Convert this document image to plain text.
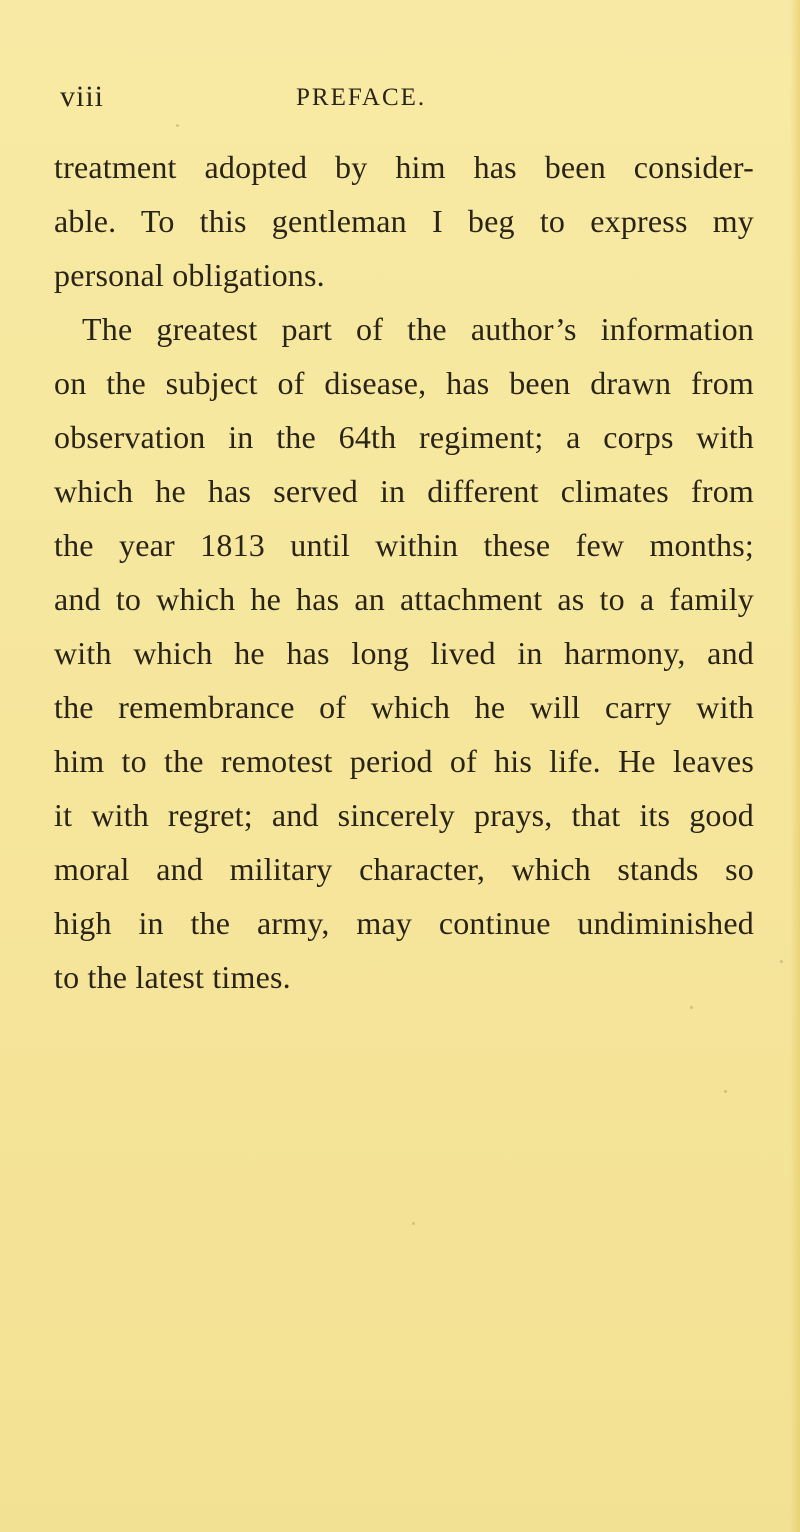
viii	PREFACE.
treatment adopted by him has been consider-
able. To this gentleman I beg to express my
personal obligations.
The greatest part of the author’s information
on the subject of disease, has been drawn from
observation in the 64th regiment; a corps with
which he has served in different climates from
the year 1813 until within these few months;
and to which he has an attachment as to a family
with which he has long lived in harmony, and
the remembrance of which he will carry with
him to the remotest period of his life. He leaves
it with regret; and sincerely prays, that its good
moral and military character, which stands so
high in the army, may continue undiminished
to the latest times.
